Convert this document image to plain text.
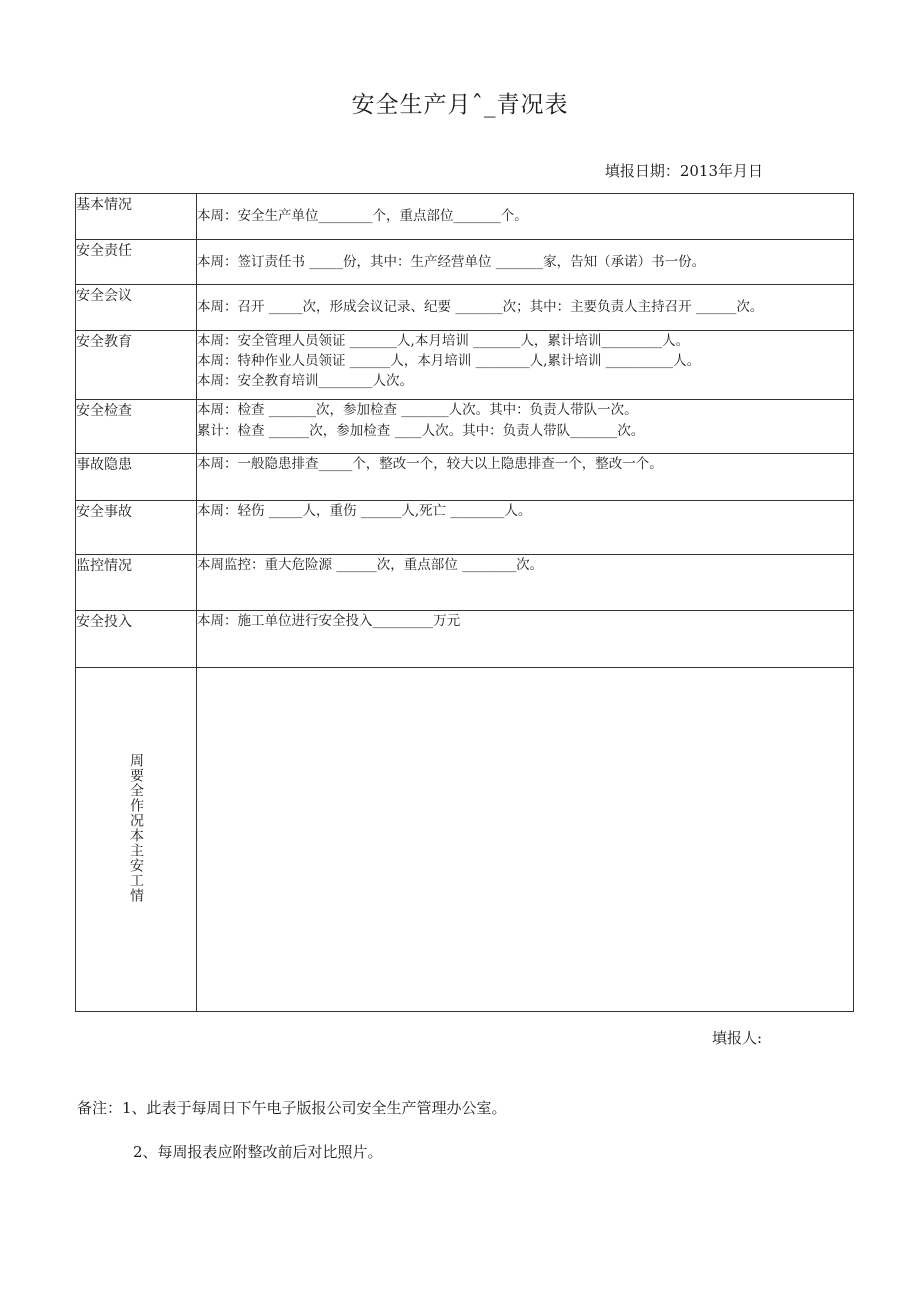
安全生产月ˆ_青况表
填报日期：2013年月日
基本情况	本周：安全生产单位________个，重点部位_______个。

安全责任	本周：签订责任书 _____份，其中：生产经营单位 _______家，告知（承诺）书一份。

安全会议	本周：召开 _____次，形成会议记录、纪要 _______次；其中：主要负责人主持召开 ______次。

安全教育	本周：安全管理人员领证 _______人,本月培训 _______人，累计培训_________人。
本周：特种作业人员领证 ______人，本月培训 ________人,累计培训 __________人。
本周：安全教育培训________人次。

安全检查	本周：检查 _______次，参加检查 _______人次。其中：负责人带队一次。
累计：检查 ______次，参加检查 ____人次。其中：负责人带队_______次。

事故隐患	本周：一般隐患排查_____个，整改一个，较大以上隐患排查一个，整改一个。

安全事故	本周：轻伤 _____人，重伤 ______人,死亡 ________人。

监控情况	本周监控：重大危险源 ______次，重点部位 ________次。

安全投入	本周：施工单位进行安全投入_________万元

周要全作况本主安工情	
填报人:
备注：1、此表于每周日下午电子版报公司安全生产管理办公室。
2、每周报表应附整改前后对比照片。
